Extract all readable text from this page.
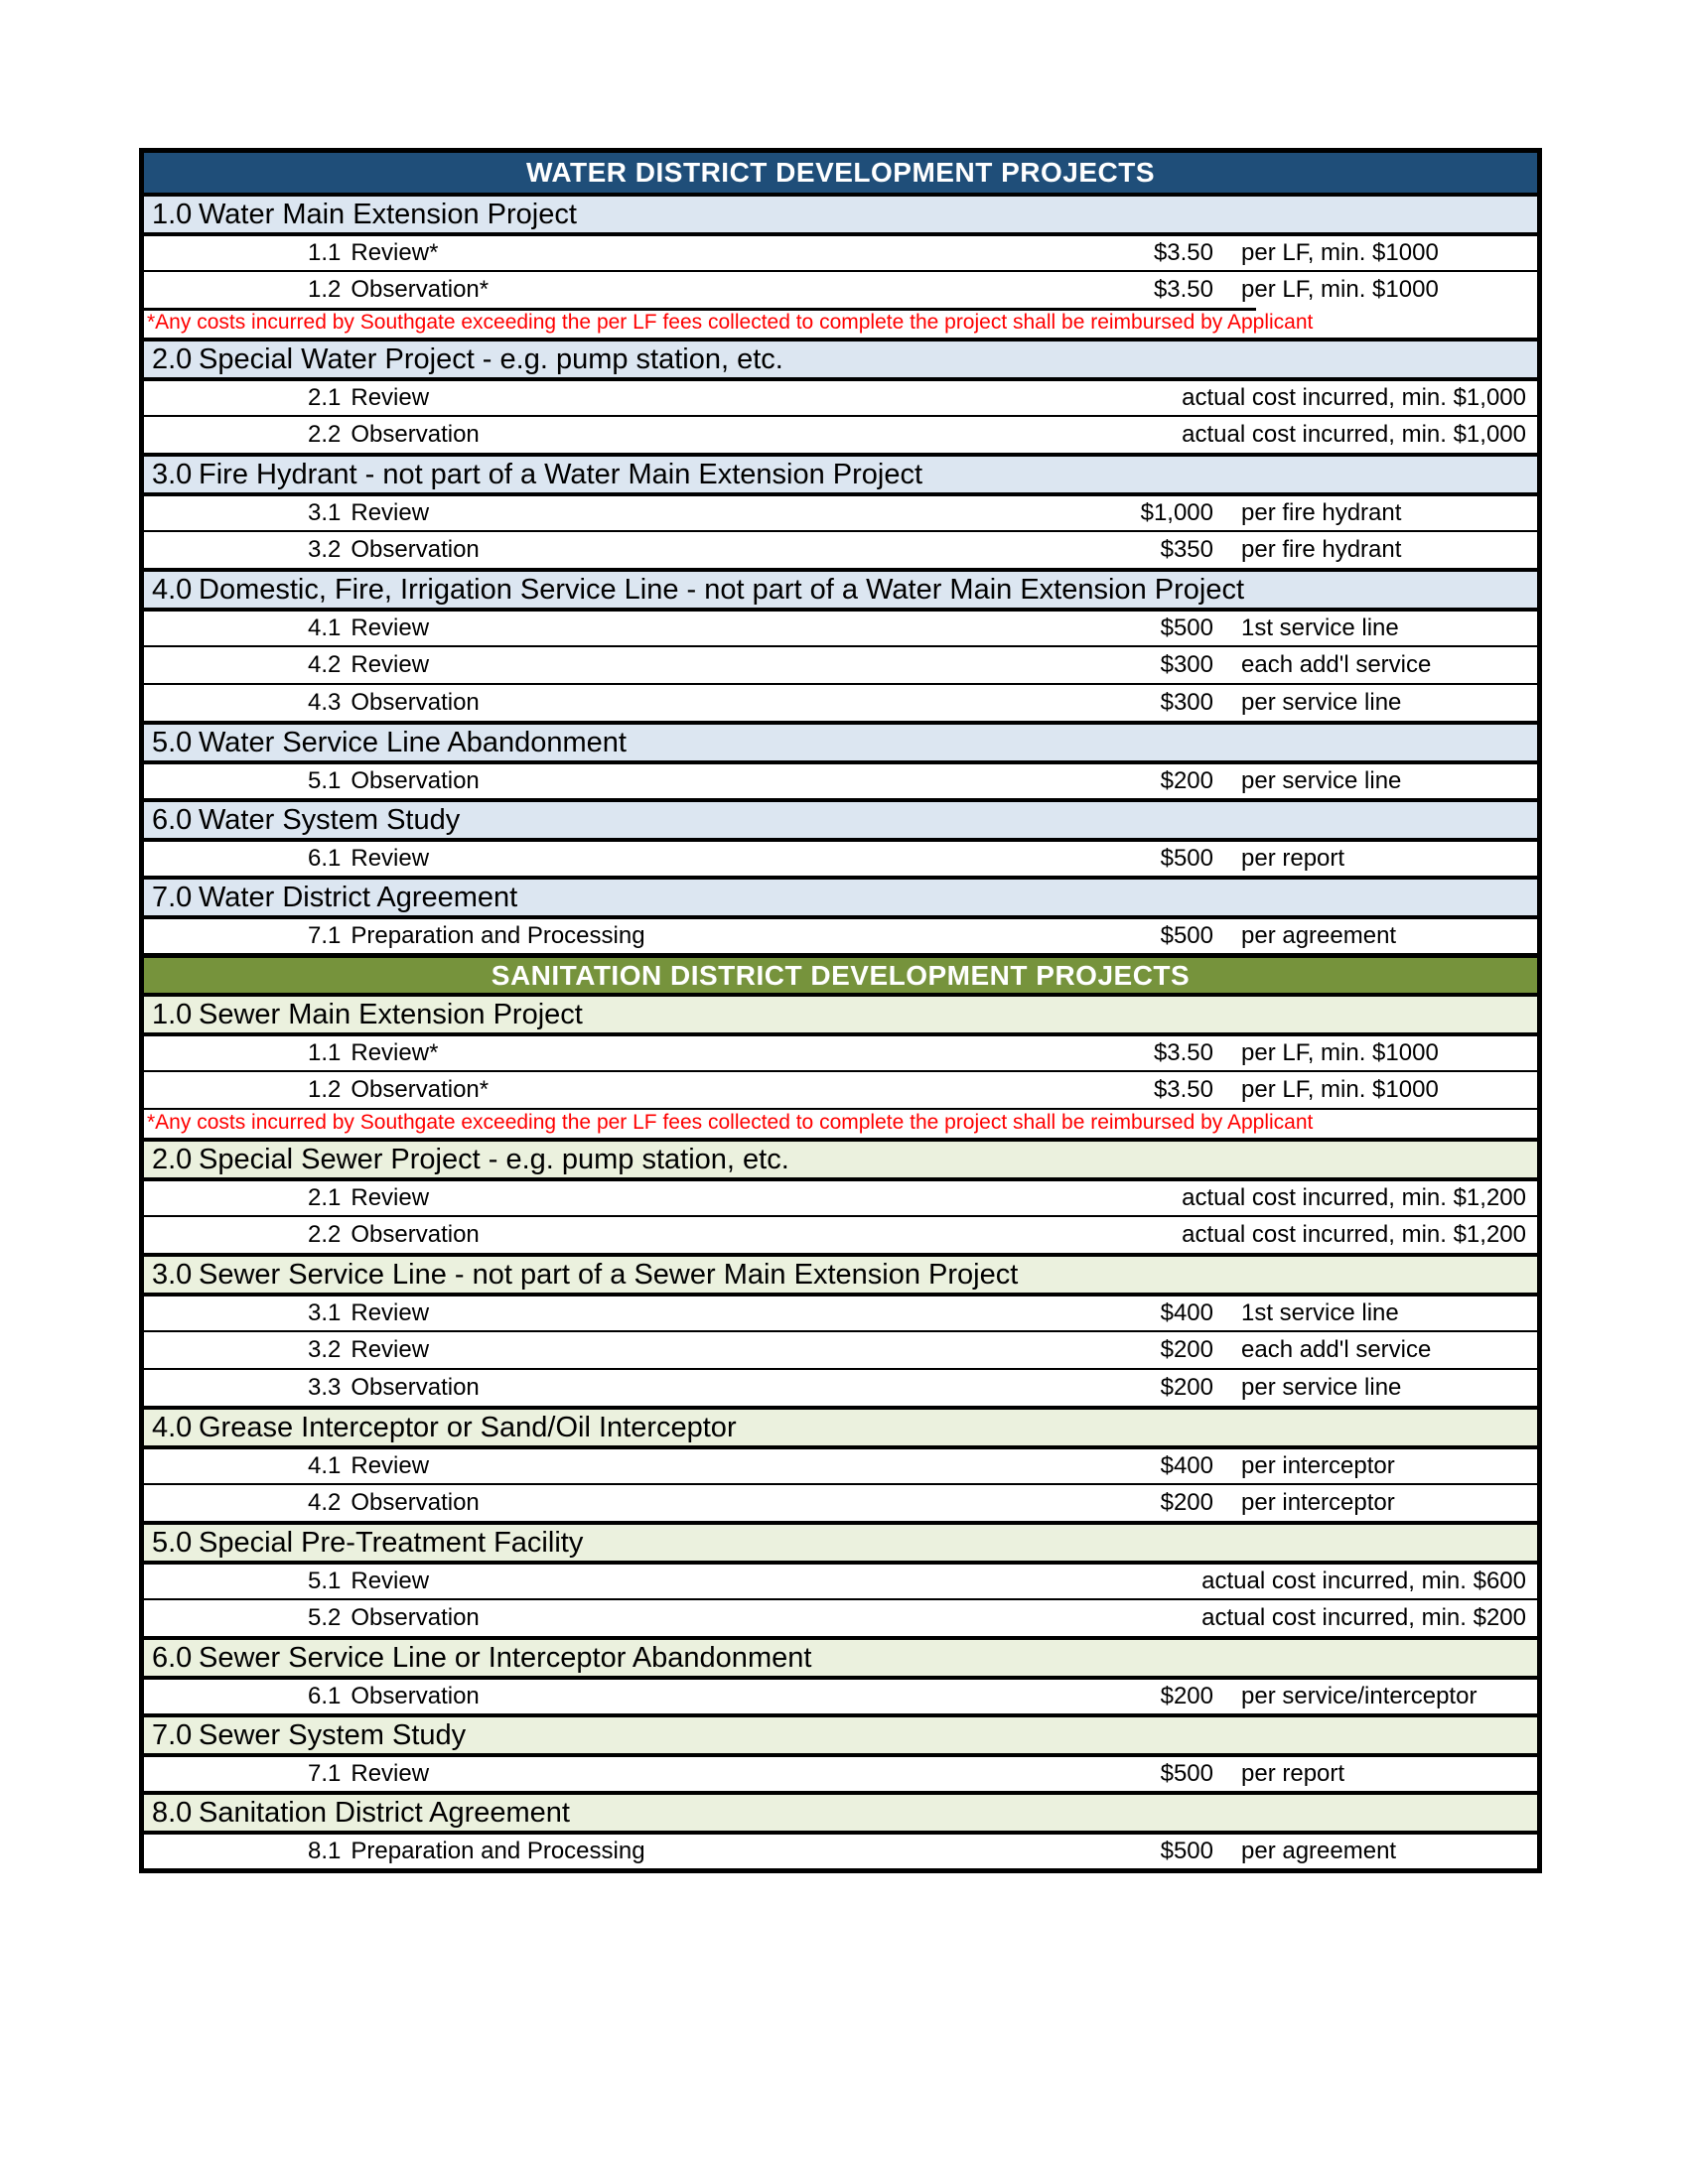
WATER DISTRICT DEVELOPMENT PROJECTS
1.0 Water Main Extension Project
1.1 Review*	$3.50 per LF, min. $1000
1.2 Observation*	$3.50 per LF, min. $1000
*Any costs incurred by Southgate exceeding the per LF fees collected to complete the project shall be reimbursed by Applicant
2.0 Special Water Project - e.g. pump station, etc.
2.1 Review	actual cost incurred, min. $1,000
2.2 Observation	actual cost incurred, min. $1,000
3.0 Fire Hydrant - not part of a Water Main Extension Project
3.1 Review	$1,000 per fire hydrant
3.2 Observation	$350 per fire hydrant
4.0 Domestic, Fire, Irrigation Service Line - not part of a Water Main Extension Project
4.1 Review	$500 1st service line
4.2 Review	$300 each add'l service
4.3 Observation	$300 per service line
5.0 Water Service Line Abandonment
5.1 Observation	$200 per service line
6.0 Water System Study
6.1 Review	$500 per report
7.0 Water District Agreement
7.1 Preparation and Processing	$500 per agreement
SANITATION DISTRICT DEVELOPMENT PROJECTS
1.0 Sewer Main Extension Project
1.1 Review*	$3.50 per LF, min. $1000
1.2 Observation*	$3.50 per LF, min. $1000
*Any costs incurred by Southgate exceeding the per LF fees collected to complete the project shall be reimbursed by Applicant
2.0 Special Sewer Project - e.g. pump station, etc.
2.1 Review	actual cost incurred, min. $1,200
2.2 Observation	actual cost incurred, min. $1,200
3.0 Sewer Service Line - not part of a Sewer Main Extension Project
3.1 Review	$400 1st service line
3.2 Review	$200 each add'l service
3.3 Observation	$200 per service line
4.0 Grease Interceptor or Sand/Oil Interceptor
4.1 Review	$400 per interceptor
4.2 Observation	$200 per interceptor
5.0 Special Pre-Treatment Facility
5.1 Review	actual cost incurred, min. $600
5.2 Observation	actual cost incurred, min. $200
6.0 Sewer Service Line or Interceptor Abandonment
6.1 Observation	$200 per service/interceptor
7.0 Sewer System Study
7.1 Review	$500 per report
8.0 Sanitation District Agreement
8.1 Preparation and Processing	$500 per agreement
